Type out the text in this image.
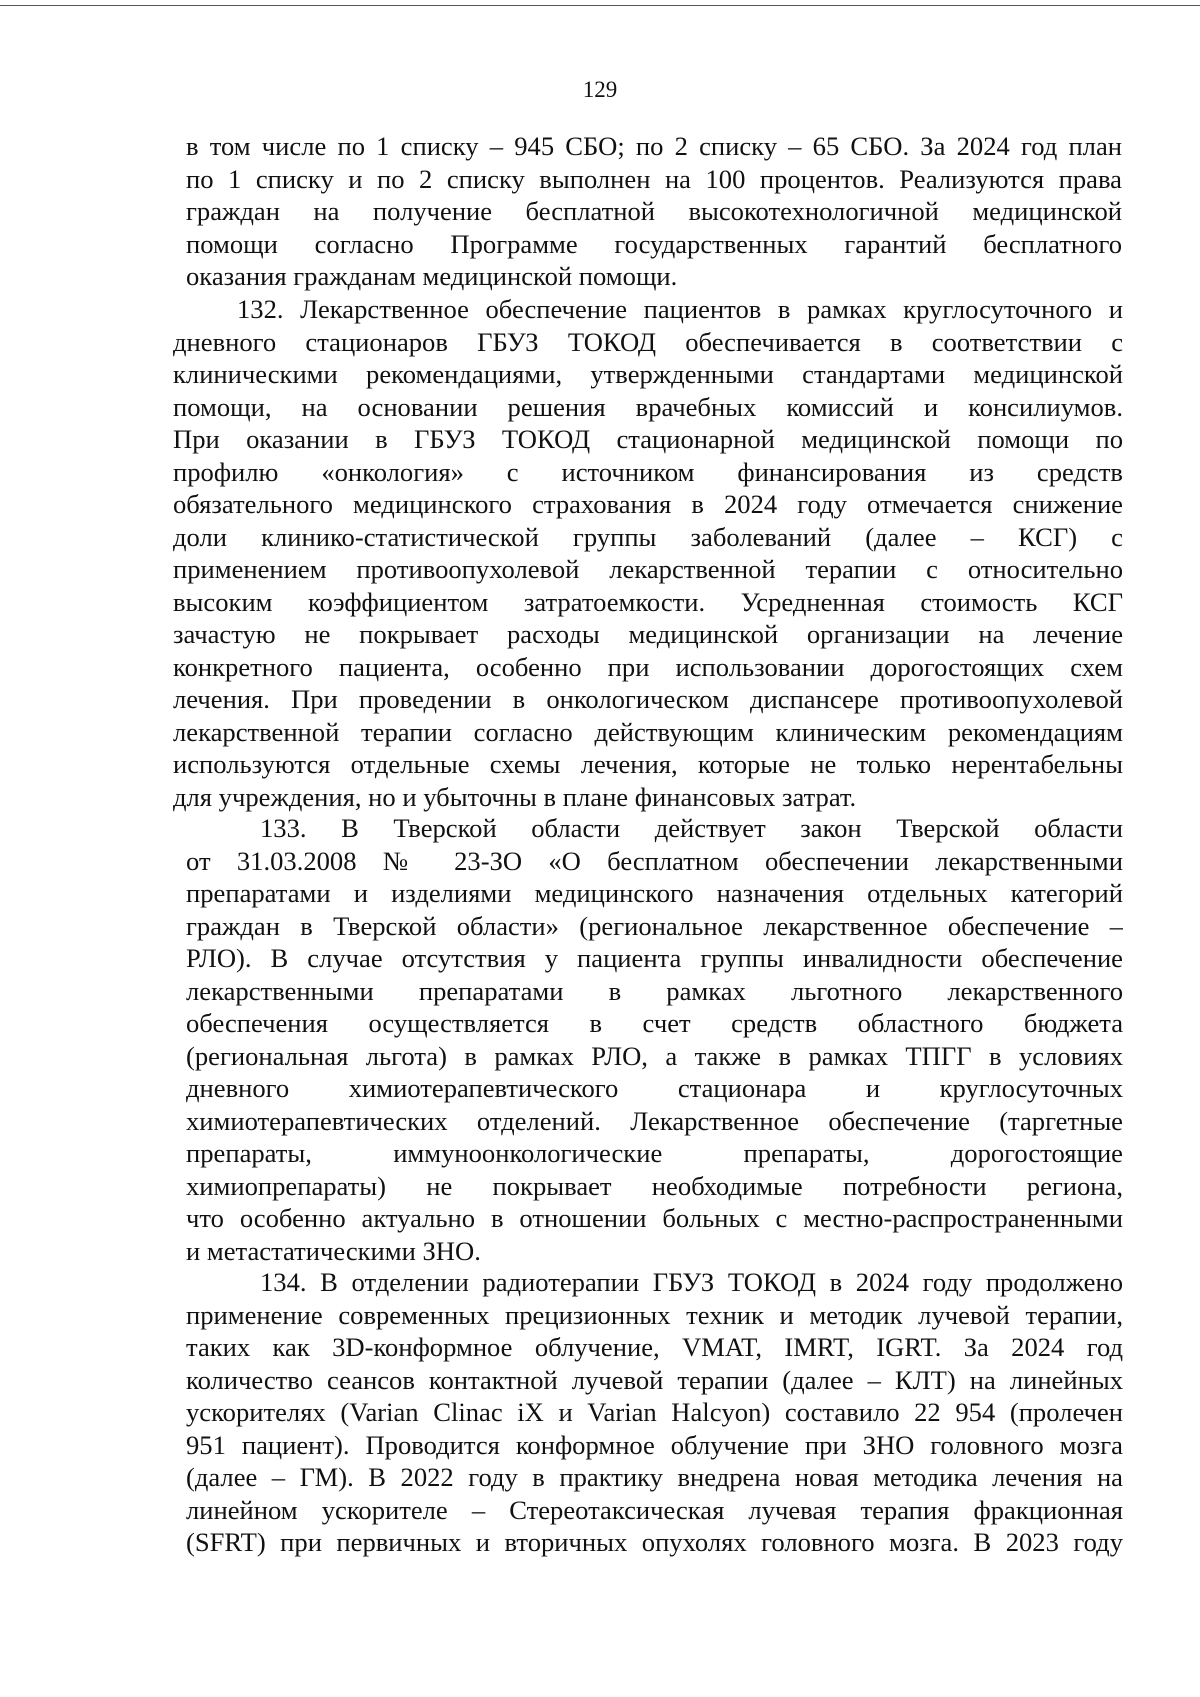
129
в том числе по 1 списку – 945 СБО; по 2 списку – 65 СБО. За 2024 год план
по 1 списку и по 2 списку выполнен на 100 процентов. Реализуются права
граждан на получение бесплатной высокотехнологичной медицинской
помощи согласно Программе государственных гарантий бесплатного
оказания гражданам медицинской помощи.
132. Лекарственное обеспечение пациентов в рамках круглосуточного и
дневного стационаров ГБУЗ ТОКОД обеспечивается в соответствии с
клиническими рекомендациями, утвержденными стандартами медицинской
помощи, на основании решения врачебных комиссий и консилиумов.
При оказании в ГБУЗ ТОКОД стационарной медицинской помощи по
профилю «онкология» с источником финансирования из средств
обязательного медицинского страхования в 2024 году отмечается снижение
доли клинико-статистической группы заболеваний (далее – КСГ) с
применением противоопухолевой лекарственной терапии с относительно
высоким коэффициентом затратоемкости. Усредненная стоимость КСГ
зачастую не покрывает расходы медицинской организации на лечение
конкретного пациента, особенно при использовании дорогостоящих схем
лечения. При проведении в онкологическом диспансере противоопухолевой
лекарственной терапии согласно действующим клиническим рекомендациям
используются отдельные схемы лечения, которые не только нерентабельны
для учреждения, но и убыточны в плане финансовых затрат.
133. В Тверской области действует закон Тверской области
от 31.03.2008 № 23-ЗО «О бесплатном обеспечении лекарственными
препаратами и изделиями медицинского назначения отдельных категорий
граждан в Тверской области» (региональное лекарственное обеспечение –
РЛО). В случае отсутствия у пациента группы инвалидности обеспечение
лекарственными препаратами в рамках льготного лекарственного
обеспечения осуществляется в счет средств областного бюджета
(региональная льгота) в рамках РЛО, а также в рамках ТПГГ в условиях
дневного химиотерапевтического стационара и круглосуточных
химиотерапевтических отделений. Лекарственное обеспечение (таргетные
препараты, иммуноонкологические препараты, дорогостоящие
химиопрепараты) не покрывает необходимые потребности региона,
что особенно актуально в отношении больных с местно-распространенными
и метастатическими ЗНО.
134. В отделении радиотерапии ГБУЗ ТОКОД в 2024 году продолжено
применение современных прецизионных техник и методик лучевой терапии,
таких как 3D-конформное облучение, VMAT, IMRT, IGRT. За 2024 год
количество сеансов контактной лучевой терапии (далее – КЛТ) на линейных
ускорителях (Varian Clinac iX и Varian Halcyon) составило 22 954 (пролечен
951 пациент). Проводится конформное облучение при ЗНО головного мозга
(далее – ГМ). В 2022 году в практику внедрена новая методика лечения на
линейном ускорителе – Стереотаксическая лучевая терапия фракционная
(SFRT) при первичных и вторичных опухолях головного мозга. В 2023 году
